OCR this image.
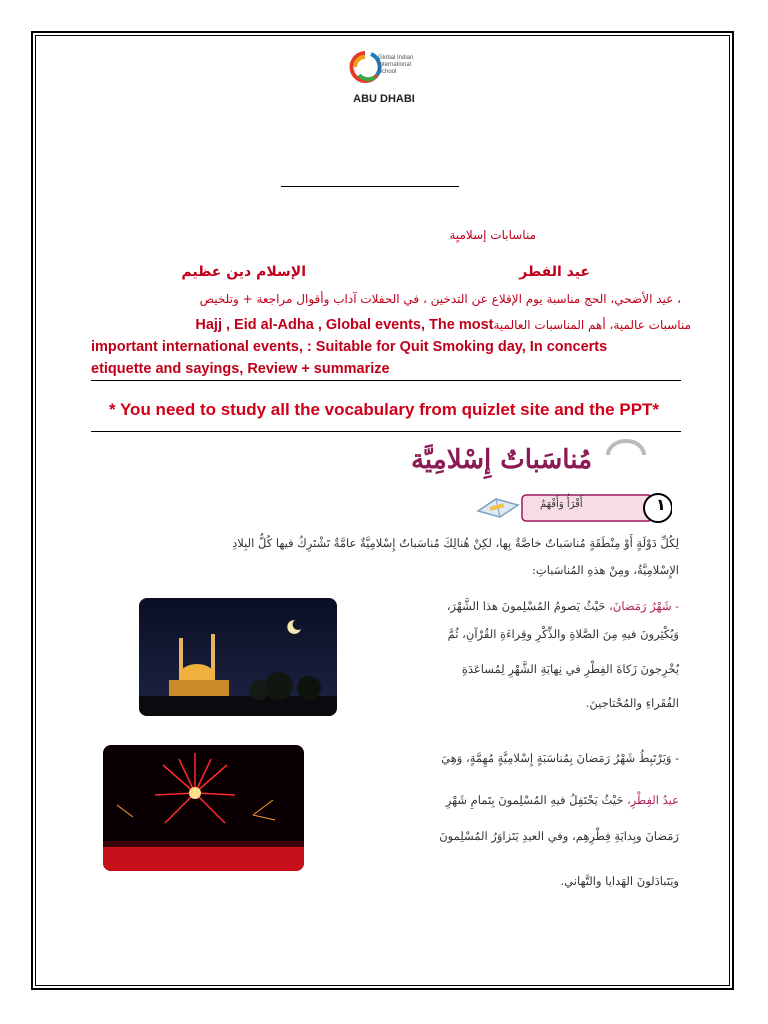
Global Indian
International
School
ABU DHABI
مناسابات إسلاميِة
عيد الفطر
الإسلام دين عظيم
، عيد الأضحي، الحج مناسبة يوم الإقلاع عن التدخين ، في الحفلات آداب وأقوال مراجعة + وتلخيص
مناسبات عالمية، أهم المناسبات العالميةHajj , Eid al-Adha , Global events, The most
important international events, : Suitable for Quit Smoking day, In concerts
etiquette and sayings, Review + summarize
* You need to study all the vocabulary from quizlet site and the PPT*
مُناسَباتٌ إِسْلامِيَّة
أَقْرَأُ وَأَفْهَمُ	١
لِكُلِّ دَوْلَةٍ أَوْ مِنْطَقَةٍ مُناسَباتٌ خاصَّةٌ بِها، لكِنْ هُنالِكَ مُناسَباتٌ إِسْلامِيَّةٌ عامَّةٌ تَشْتَرِكُ فيها كُلُّ البِلادِ
الإِسْلامِيَّةُ، ومِنْ هذهِ المُناسَباتِ:
- شَهْرُ رَمَضانَ، حَيْثُ يَصومُ المُسْلِمونَ هذا الشَّهْرَ،
وَيُكْثِرونَ فيهِ مِنَ الصَّلاةِ والذِّكْرِ وقِراءَةِ القُرْآنِ، ثُمَّ
يُخْرِجونَ زَكاةَ الفِطْرِ في نِهايَةِ الشَّهْرِ لِمُساعَدَةِ
الفُقَراءِ والمُحْتاجينَ.
- وَيَرْتَبِطُ شَهْرُ رَمَضانَ بِمُناسَبَةٍ إِسْلامِيَّةٍ مُهِمَّةٍ، وَهِيَ
عيدُ الفِطْرِ، حَيْثُ يَحْتَفِلُ فيهِ المُسْلِمونَ بِتَمامِ شَهْرِ
رَمَضانَ وبِدايَةِ فِطْرِهِم، وفي العيدِ يَتَزاوَرُ المُسْلِمونَ
ويَتَبادَلونَ الهَدايا والتَّهاني.
